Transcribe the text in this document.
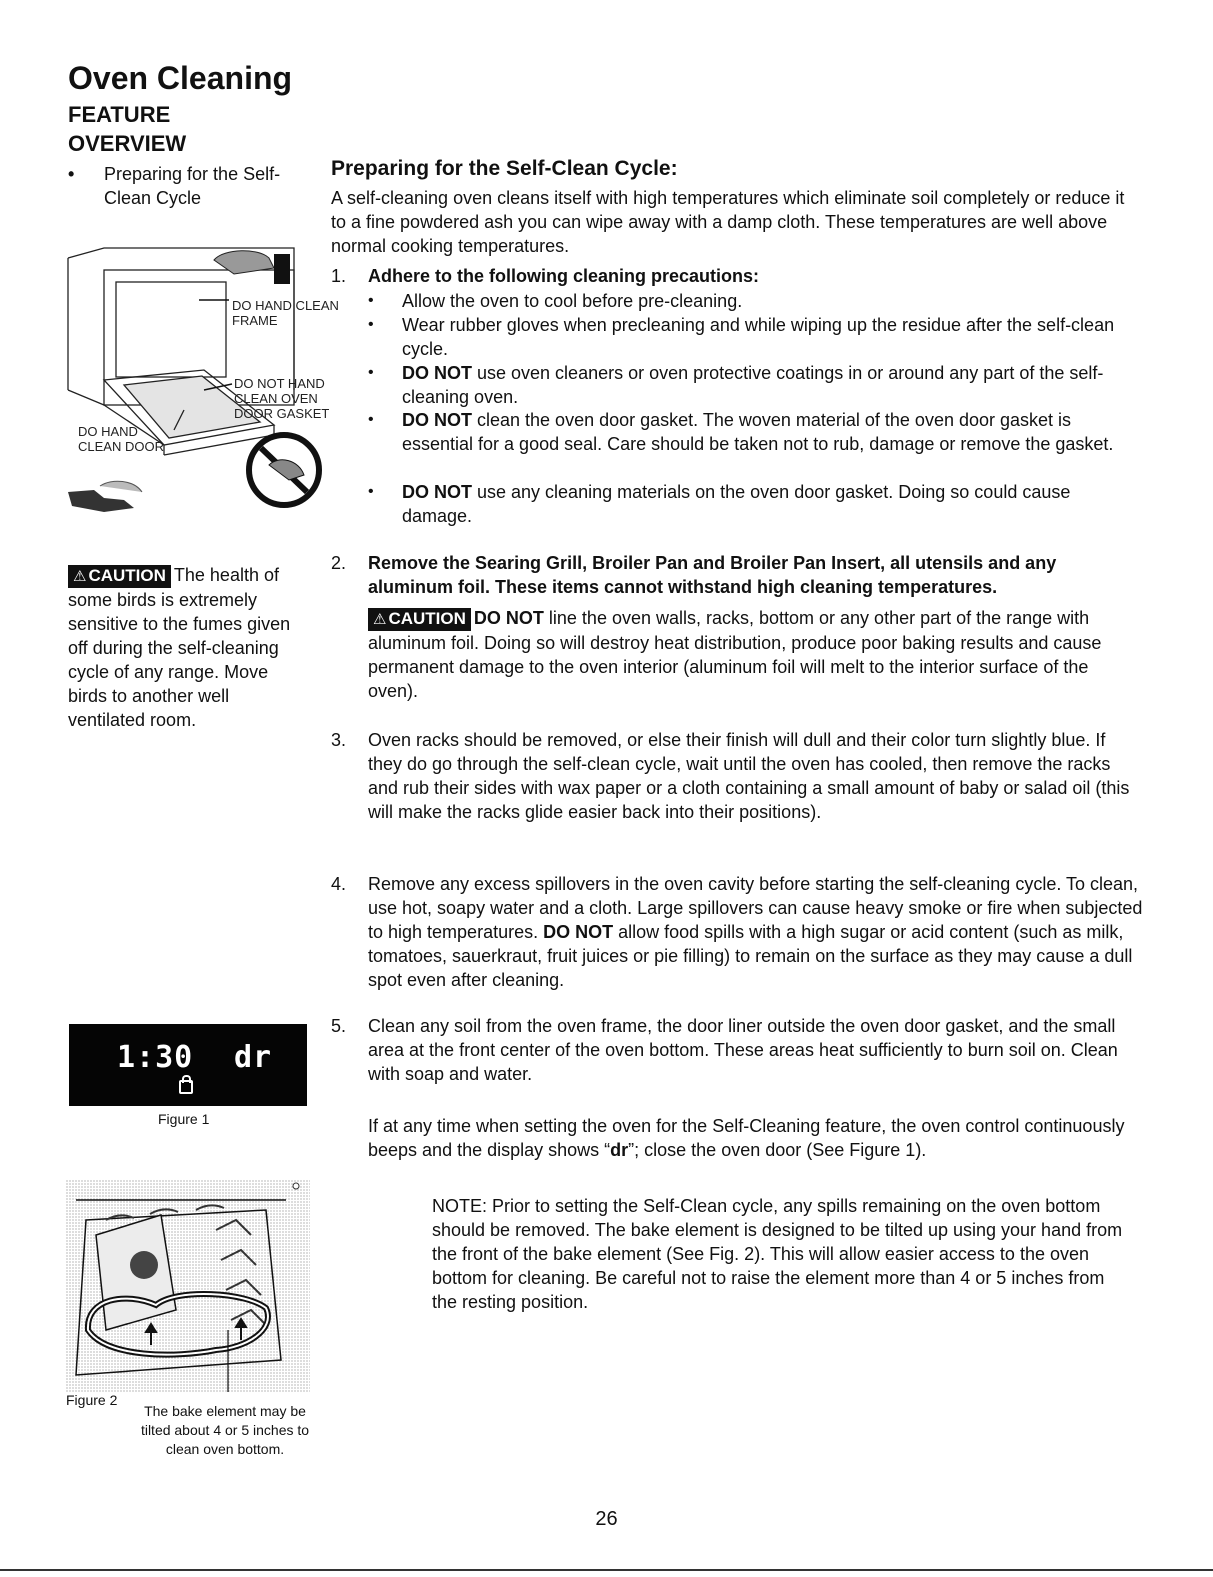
Oven Cleaning
FEATURE
OVERVIEW
• Preparing for the Self-Clean Cycle
DO HAND CLEAN FRAME
DO NOT HAND CLEAN OVEN DOOR GASKET
DO HAND CLEAN DOOR
⚠ CAUTION The health of some birds is extremely sensitive to the fumes given off during the self-cleaning cycle of any range. Move birds to another well ventilated room.
1:30 dr
Figure 1
Figure 2
The bake element may be tilted about 4 or 5 inches to clean oven bottom.
Preparing for the Self-Clean Cycle:
A self-cleaning oven cleans itself with high temperatures which eliminate soil completely or reduce it to a fine powdered ash you can wipe away with a damp cloth. These temperatures are well above normal cooking temperatures.
1. Adhere to the following cleaning precautions:
• Allow the oven to cool before pre-cleaning.
• Wear rubber gloves when precleaning and while wiping up the residue after the self-clean cycle.
• DO NOT use oven cleaners or oven protective coatings in or around any part of the self-cleaning oven.
• DO NOT clean the oven door gasket. The woven material of the oven door gasket is essential for a good seal. Care should be taken not to rub, damage or remove the gasket.
• DO NOT use any cleaning materials on the oven door gasket. Doing so could cause damage.
2. Remove the Searing Grill, Broiler Pan and Broiler Pan Insert, all utensils and any aluminum foil. These items cannot withstand high cleaning temperatures.
⚠ CAUTION DO NOT line the oven walls, racks, bottom or any other part of the range with aluminum foil. Doing so will destroy heat distribution, produce poor baking results and cause permanent damage to the oven interior (aluminum foil will melt to the interior surface of the oven).
3. Oven racks should be removed, or else their finish will dull and their color turn slightly blue. If they do go through the self-clean cycle, wait until the oven has cooled, then remove the racks and rub their sides with wax paper or a cloth containing a small amount of baby or salad oil (this will make the racks glide easier back into their positions).
4. Remove any excess spillovers in the oven cavity before starting the self-cleaning cycle. To clean, use hot, soapy water and a cloth. Large spillovers can cause heavy smoke or fire when subjected to high temperatures. DO NOT allow food spills with a high sugar or acid content (such as milk, tomatoes, sauerkraut, fruit juices or pie filling) to remain on the surface as they may cause a dull spot even after cleaning.
5. Clean any soil from the oven frame, the door liner outside the oven door gasket, and the small area at the front center of the oven bottom. These areas heat sufficiently to burn soil on. Clean with soap and water.
If at any time when setting the oven for the Self-Cleaning feature, the oven control continuously beeps and the display shows “dr”; close the oven door (See Figure 1).
NOTE: Prior to setting the Self-Clean cycle, any spills remaining on the oven bottom should be removed. The bake element is designed to be tilted up using your hand from the front of the bake element (See Fig. 2). This will allow easier access to the oven bottom for cleaning. Be careful not to raise the element more than 4 or 5 inches from the resting position.
26
